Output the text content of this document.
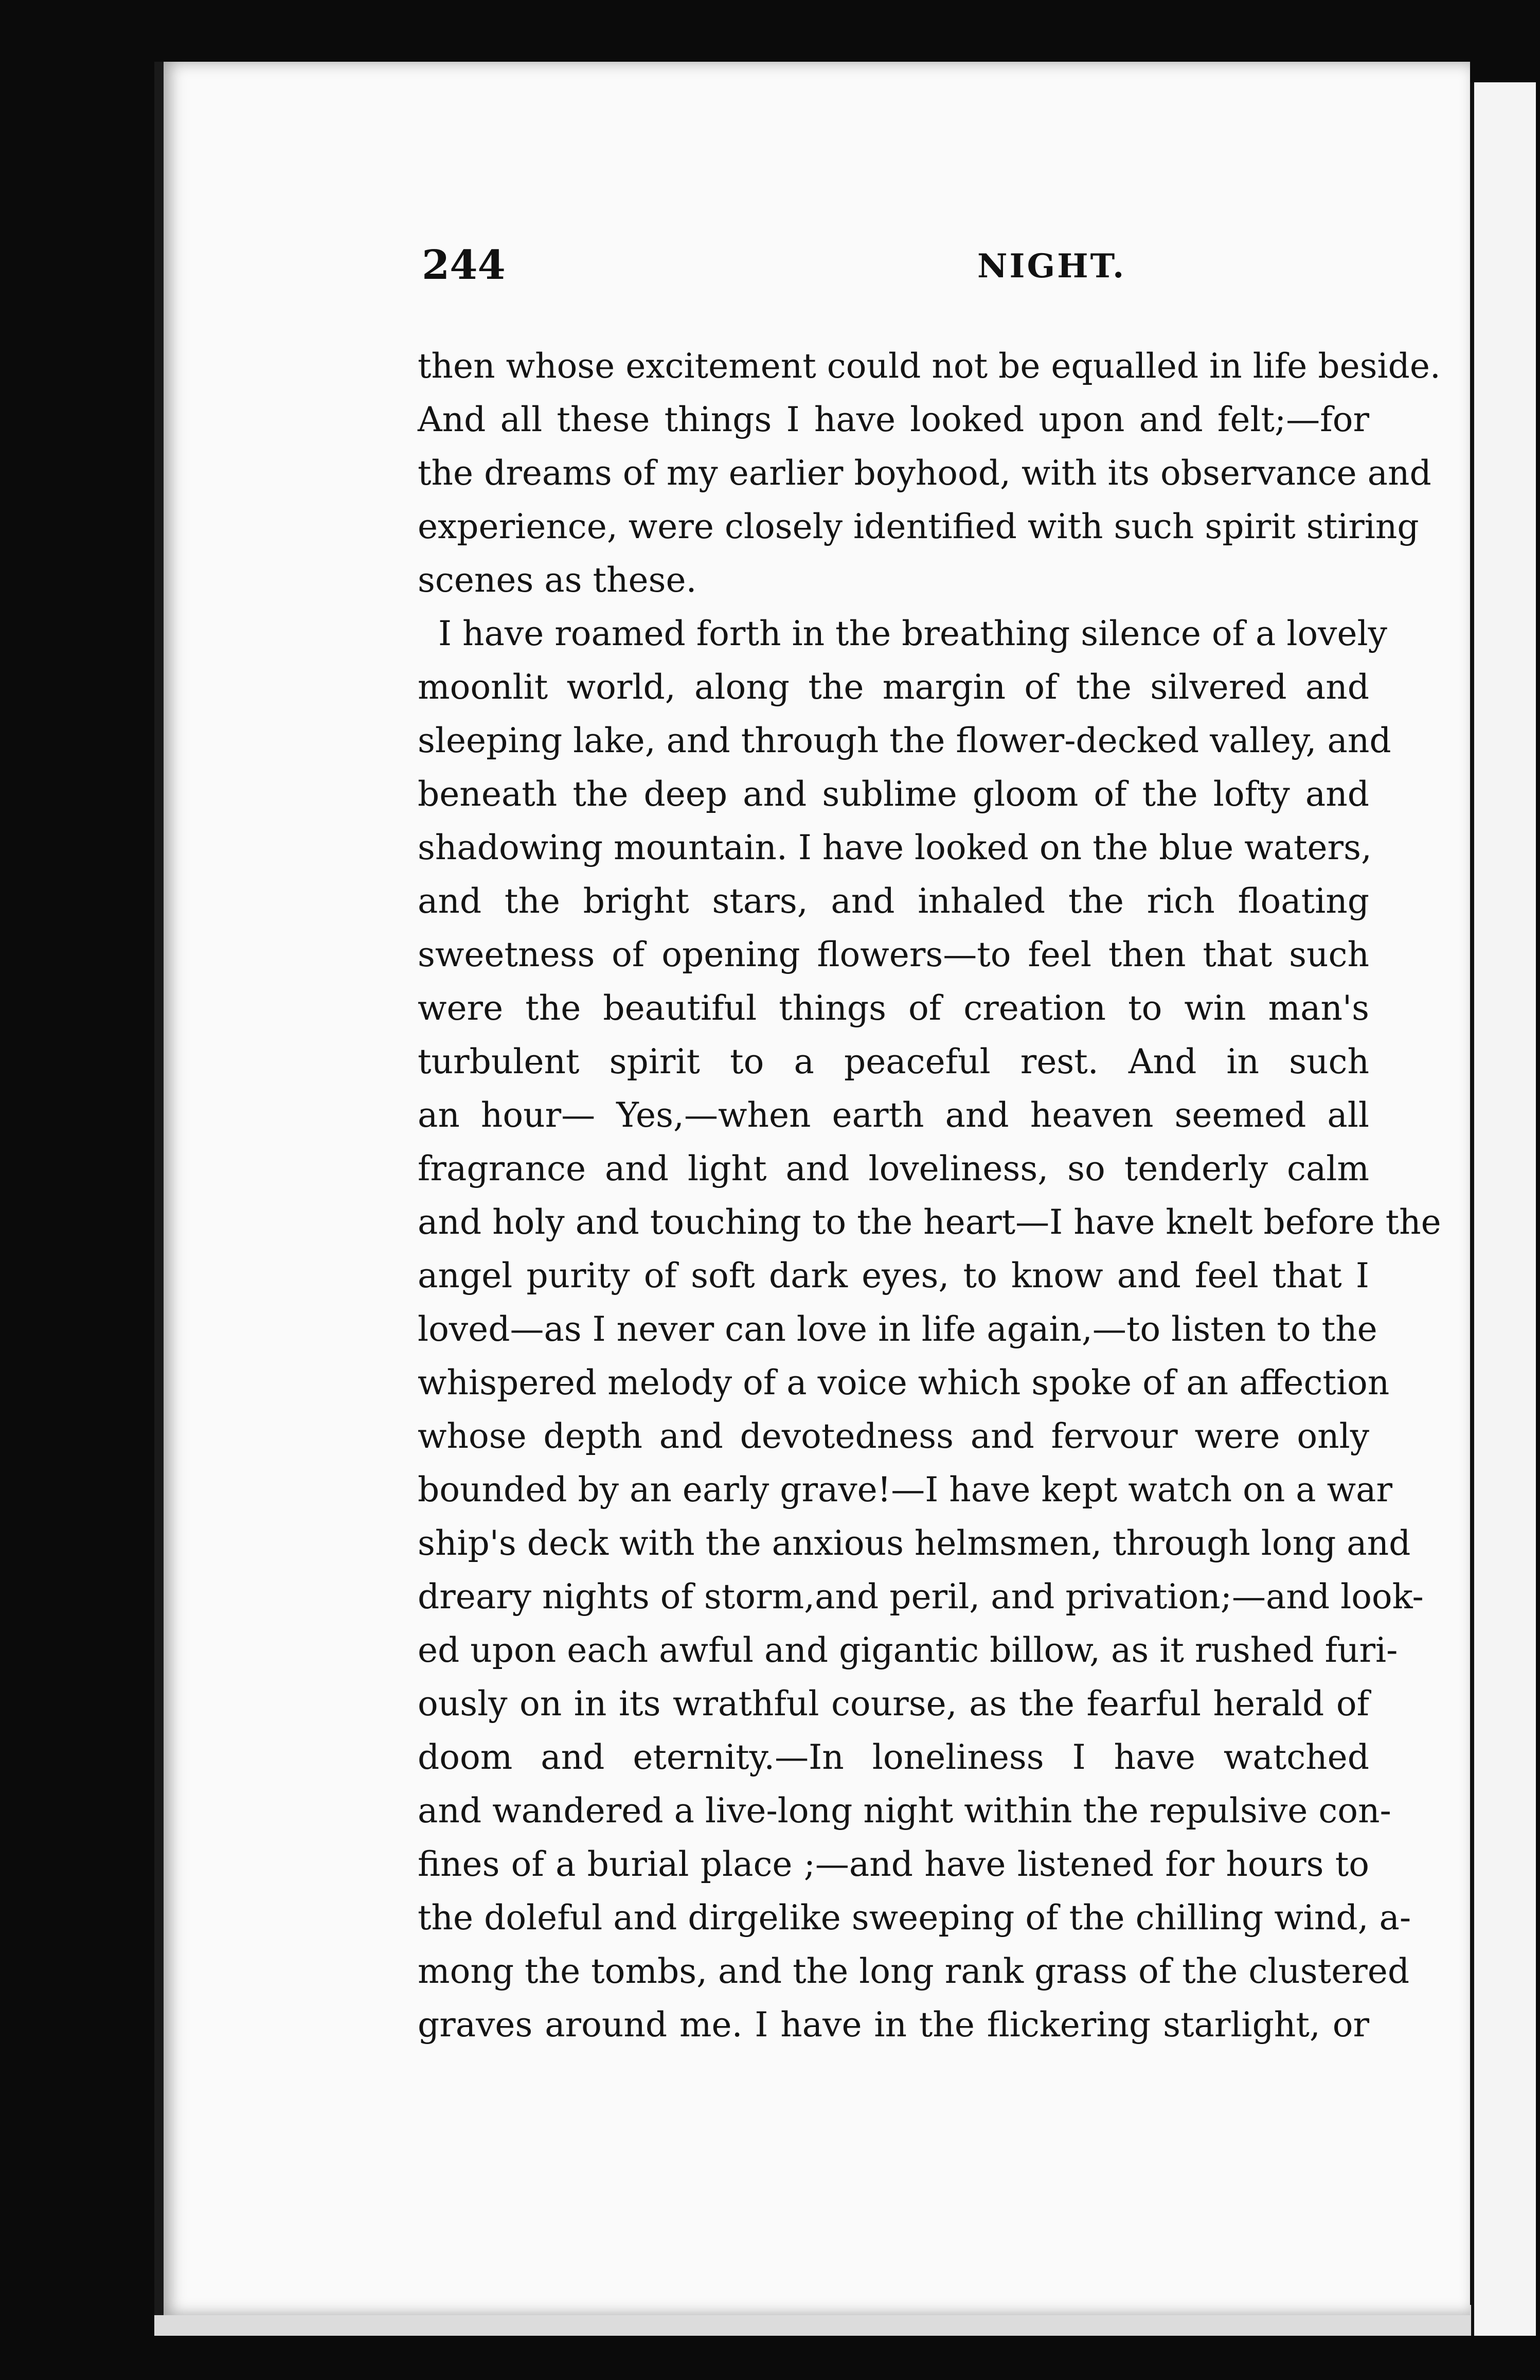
244	NIGHT.
then whose excitement could not be equalled in life beside.
And all these things I have looked upon and felt;—for
the dreams of my earlier boyhood, with its observance and
experience, were closely identified with such spirit stiring
scenes as these.
I have roamed forth in the breathing silence of a lovely
moonlit world, along the margin of the silvered and
sleeping lake, and through the flower-decked valley, and
beneath the deep and sublime gloom of the lofty and
shadowing mountain. I have looked on the blue waters,
and the bright stars, and inhaled the rich floating
sweetness of opening flowers—to feel then that such
were the beautiful things of creation to win man's
turbulent spirit to a peaceful rest. And in such
an hour— Yes,—when earth and heaven seemed all
fragrance and light and loveliness, so tenderly calm
and holy and touching to the heart—I have knelt before the
angel purity of soft dark eyes, to know and feel that I
loved—as I never can love in life again,—to listen to the
whispered melody of a voice which spoke of an affection
whose depth and devotedness and fervour were only
bounded by an early grave!—I have kept watch on a war
ship's deck with the anxious helmsmen, through long and
dreary nights of storm,and peril, and privation;—and look-
ed upon each awful and gigantic billow, as it rushed furi-
ously on in its wrathful course, as the fearful herald of
doom and eternity.—In loneliness I have watched
and wandered a live-long night within the repulsive con-
fines of a burial place ;—and have listened for hours to
the doleful and dirgelike sweeping of the chilling wind, a-
mong the tombs, and the long rank grass of the clustered
graves around me. I have in the flickering starlight, or
